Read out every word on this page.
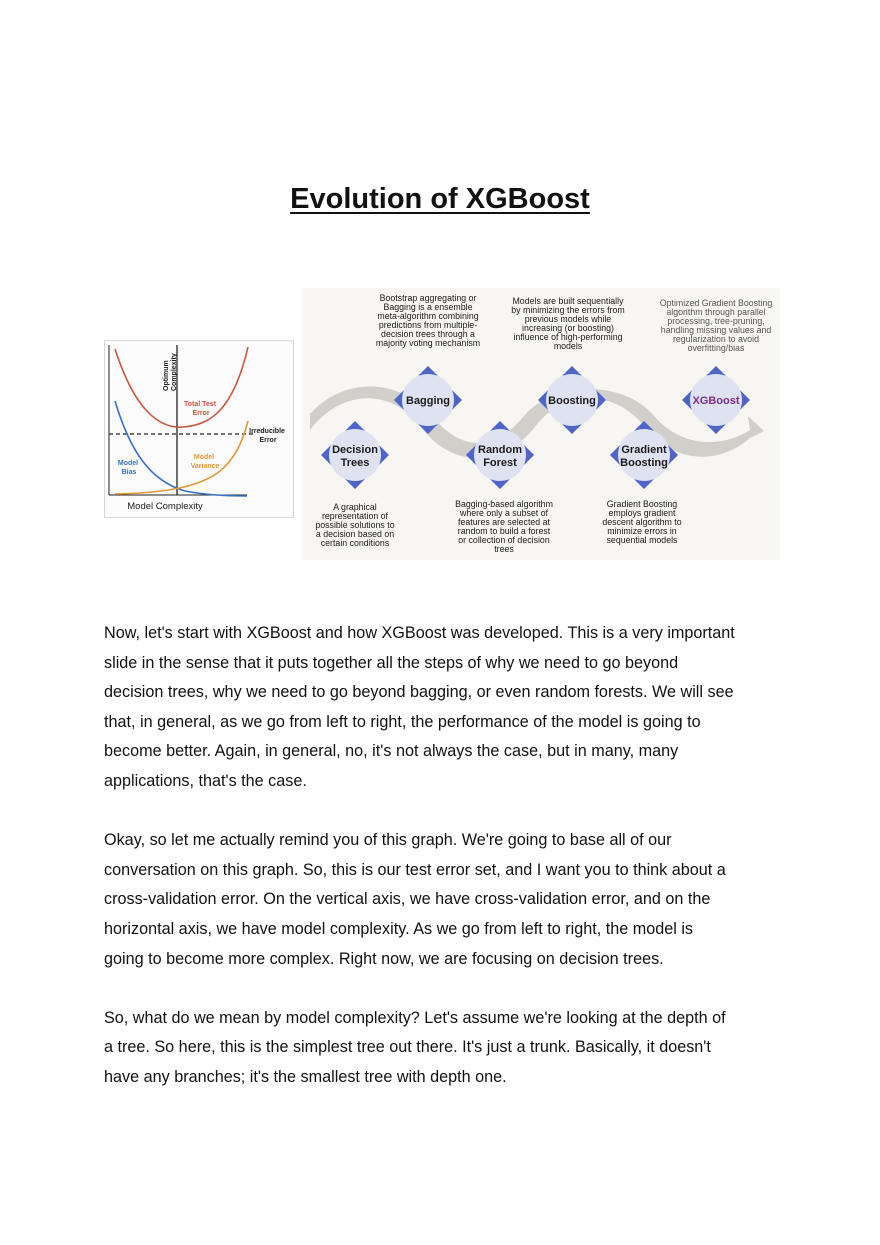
Evolution of XGBoost
Optimum Complexity
Total Test Error
Irreducible Error
Model Variance
Model Bias
Model Complexity
Decision Trees
A graphical representation of possible solutions to a decision based on certain conditions
Bagging
Bootstrap aggregating or Bagging is a ensemble meta-algorithm combining predictions from multiple-decision trees through a majority voting mechanism
Random Forest
Bagging-based algorithm where only a subset of features are selected at random to build a forest or collection of decision trees
Boosting
Models are built sequentially by minimizing the errors from previous models while increasing (or boosting) influence of high-performing models
Gradient Boosting
Gradient Boosting employs gradient descent algorithm to minimize errors in sequential models
XGBoost
Optimized Gradient Boosting algorithm through parallel processing, tree-pruning, handling missing values and regularization to avoid overfitting/bias

Now, let's start with XGBoost and how XGBoost was developed. This is a very important
slide in the sense that it puts together all the steps of why we need to go beyond
decision trees, why we need to go beyond bagging, or even random forests. We will see
that, in general, as we go from left to right, the performance of the model is going to
become better. Again, in general, no, it's not always the case, but in many, many
applications, that's the case.

Okay, so let me actually remind you of this graph. We're going to base all of our
conversation on this graph. So, this is our test error set, and I want you to think about a
cross-validation error. On the vertical axis, we have cross-validation error, and on the
horizontal axis, we have model complexity. As we go from left to right, the model is
going to become more complex. Right now, we are focusing on decision trees.

So, what do we mean by model complexity? Let's assume we're looking at the depth of
a tree. So here, this is the simplest tree out there. It's just a trunk. Basically, it doesn't
have any branches; it's the smallest tree with depth one.
